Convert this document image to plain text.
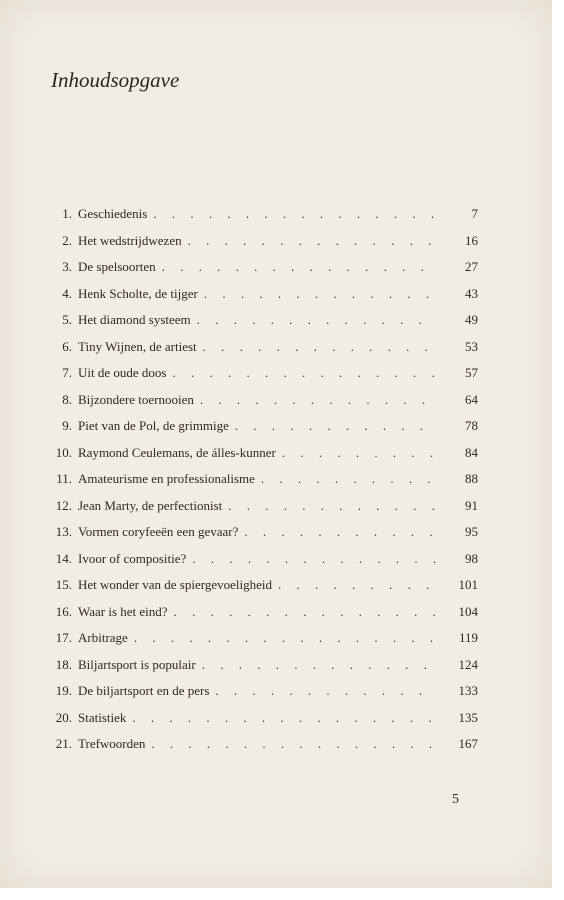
Inhoudsopgave
1. Geschiedenis . . .	7
2. Het wedstrijdwezen . . .	16
3. De spelsoorten . . .	27
4. Henk Scholte, de tijger . . .	43
5. Het diamond systeem . . .	49
6. Tiny Wijnen, de artiest . . .	53
7. Uit de oude doos . . .	57
8. Bijzondere toernooien . . .	64
9. Piet van de Pol, de grimmige . . .	78
10. Raymond Ceulemans, de álles-kunner . . .	84
11. Amateurisme en professionalisme . . .	88
12. Jean Marty, de perfectionist . . .	91
13. Vormen coryfeeën een gevaar? . . .	95
14. Ivoor of compositie? . . .	98
15. Het wonder van de spiergevoeligheid . . .	101
16. Waar is het eind? . . .	104
17. Arbitrage . . .	119
18. Biljartsport is populair . . .	124
19. De biljartsport en de pers . . .	133
20. Statistiek . . .	135
21. Trefwoorden . . .	167
5
